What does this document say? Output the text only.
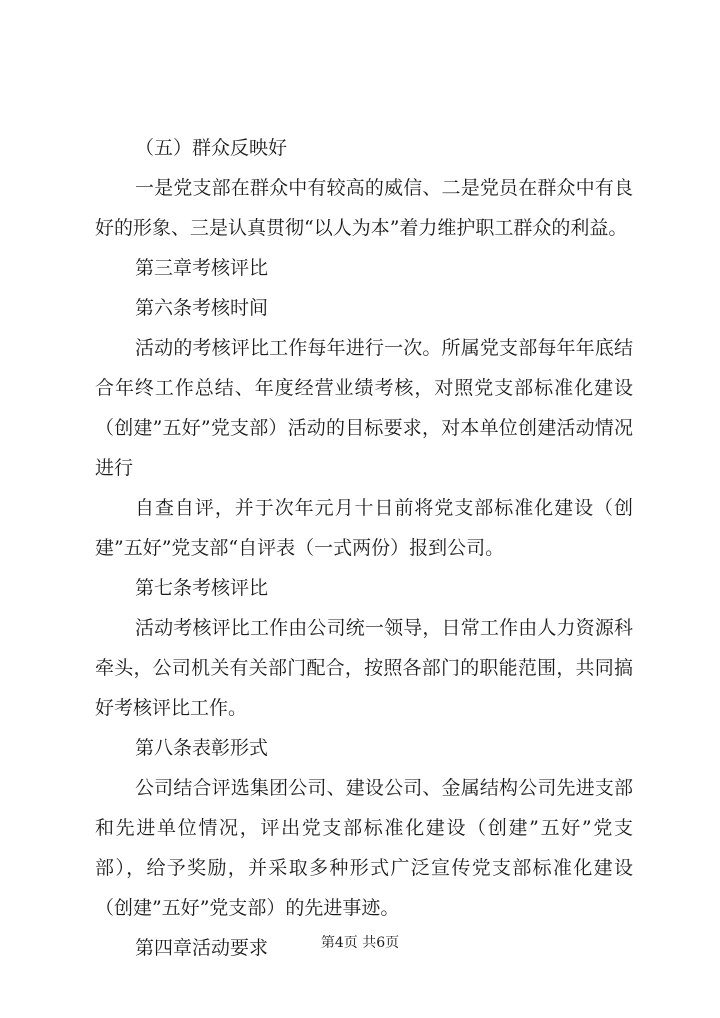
（五）群众反映好

一是党支部在群众中有较高的威信、二是党员在群众中有良好的形象、三是认真贯彻“以人为本”着力维护职工群众的利益。

第三章考核评比

第六条考核时间

活动的考核评比工作每年进行一次。所属党支部每年年底结合年终工作总结、年度经营业绩考核，对照党支部标准化建设（创建”五好”党支部）活动的目标要求，对本单位创建活动情况进行

自查自评，并于次年元月十日前将党支部标准化建设（创建”五好”党支部“自评表（一式两份）报到公司。

第七条考核评比

活动考核评比工作由公司统一领导，日常工作由人力资源科牵头，公司机关有关部门配合，按照各部门的职能范围，共同搞好考核评比工作。

第八条表彰形式

公司结合评选集团公司、建设公司、金属结构公司先进支部和先进单位情况，评出党支部标准化建设（创建”五好”党支部），给予奖励，并采取多种形式广泛宣传党支部标准化建设（创建”五好”党支部）的先进事迹。

第四章活动要求	第4页 共6页
